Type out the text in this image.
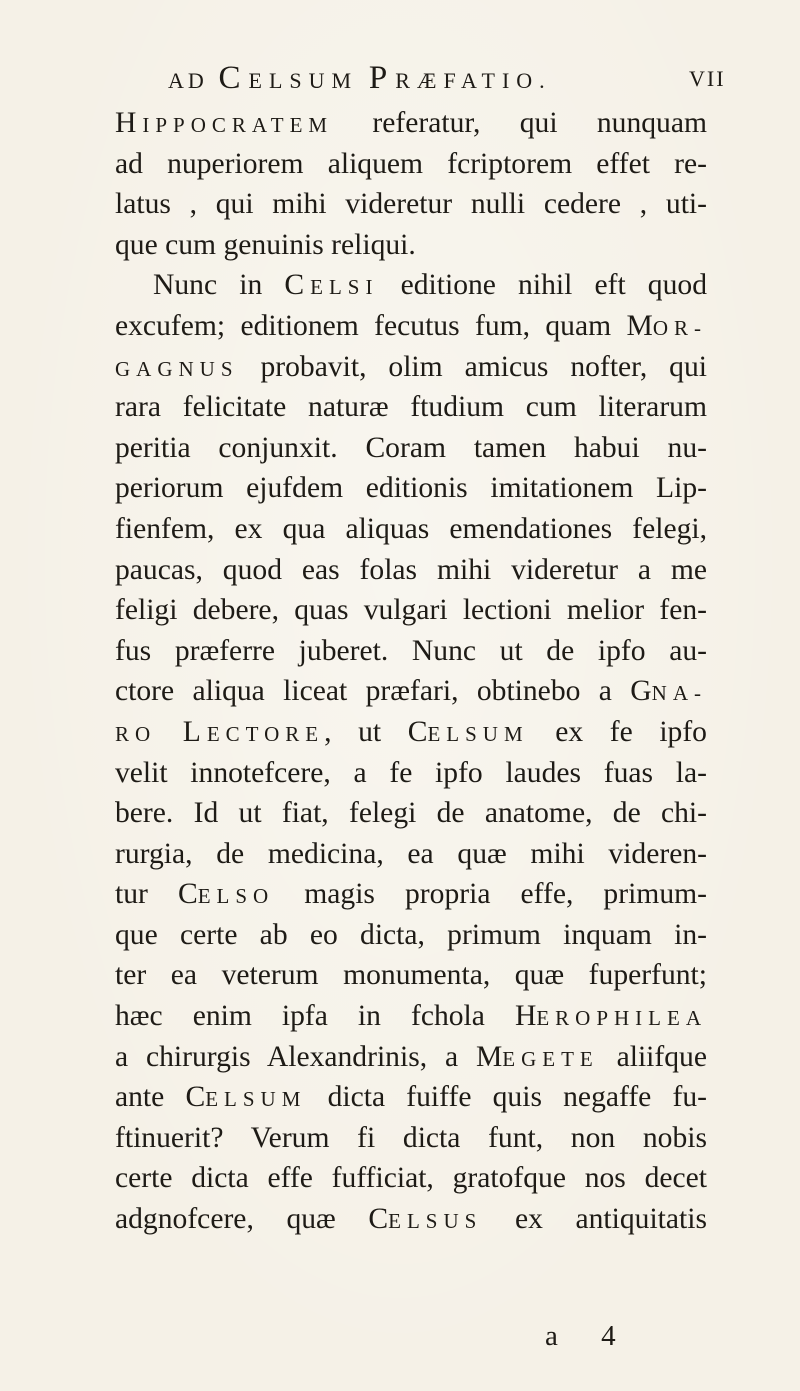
AD CELSUM PRÆFATIO.	VII
HIPPOCRATEM referatur, qui nunquam
ad nuperiorem aliquem fcriptorem effet re-
latus , qui mihi videretur nulli cedere , uti-
que cum genuinis reliqui.
Nunc in CELSI editione nihil eft quod
excufem; editionem fecutus fum, quam MOR-
GAGNUS probavit, olim amicus nofter, qui
rara felicitate naturæ ftudium cum literarum
peritia conjunxit. Coram tamen habui nu-
periorum ejufdem editionis imitationem Lip-
fienfem, ex qua aliquas emendationes felegi,
paucas, quod eas folas mihi videretur a me
feligi debere, quas vulgari lectioni melior fen-
fus præferre juberet. Nunc ut de ipfo au-
ctore aliqua liceat præfari, obtinebo a GNA-
RO LECTORE, ut CELSUM ex fe ipfo
velit innotefcere, a fe ipfo laudes fuas la-
bere. Id ut fiat, felegi de anatome, de chi-
rurgia, de medicina, ea quæ mihi videren-
tur CELSO magis propria effe, primum-
que certe ab eo dicta, primum inquam in-
ter ea veterum monumenta, quæ fuperfunt;
hæc enim ipfa in fchola HEROPHILEA
a chirurgis Alexandrinis, a MEGETE aliifque
ante CELSUM dicta fuiffe quis negaffe fu-
ftinuerit? Verum fi dicta funt, non nobis
certe dicta effe fufficiat, gratofque nos decet
adgnofcere, quæ CELSUS ex antiquitatis
a 4
